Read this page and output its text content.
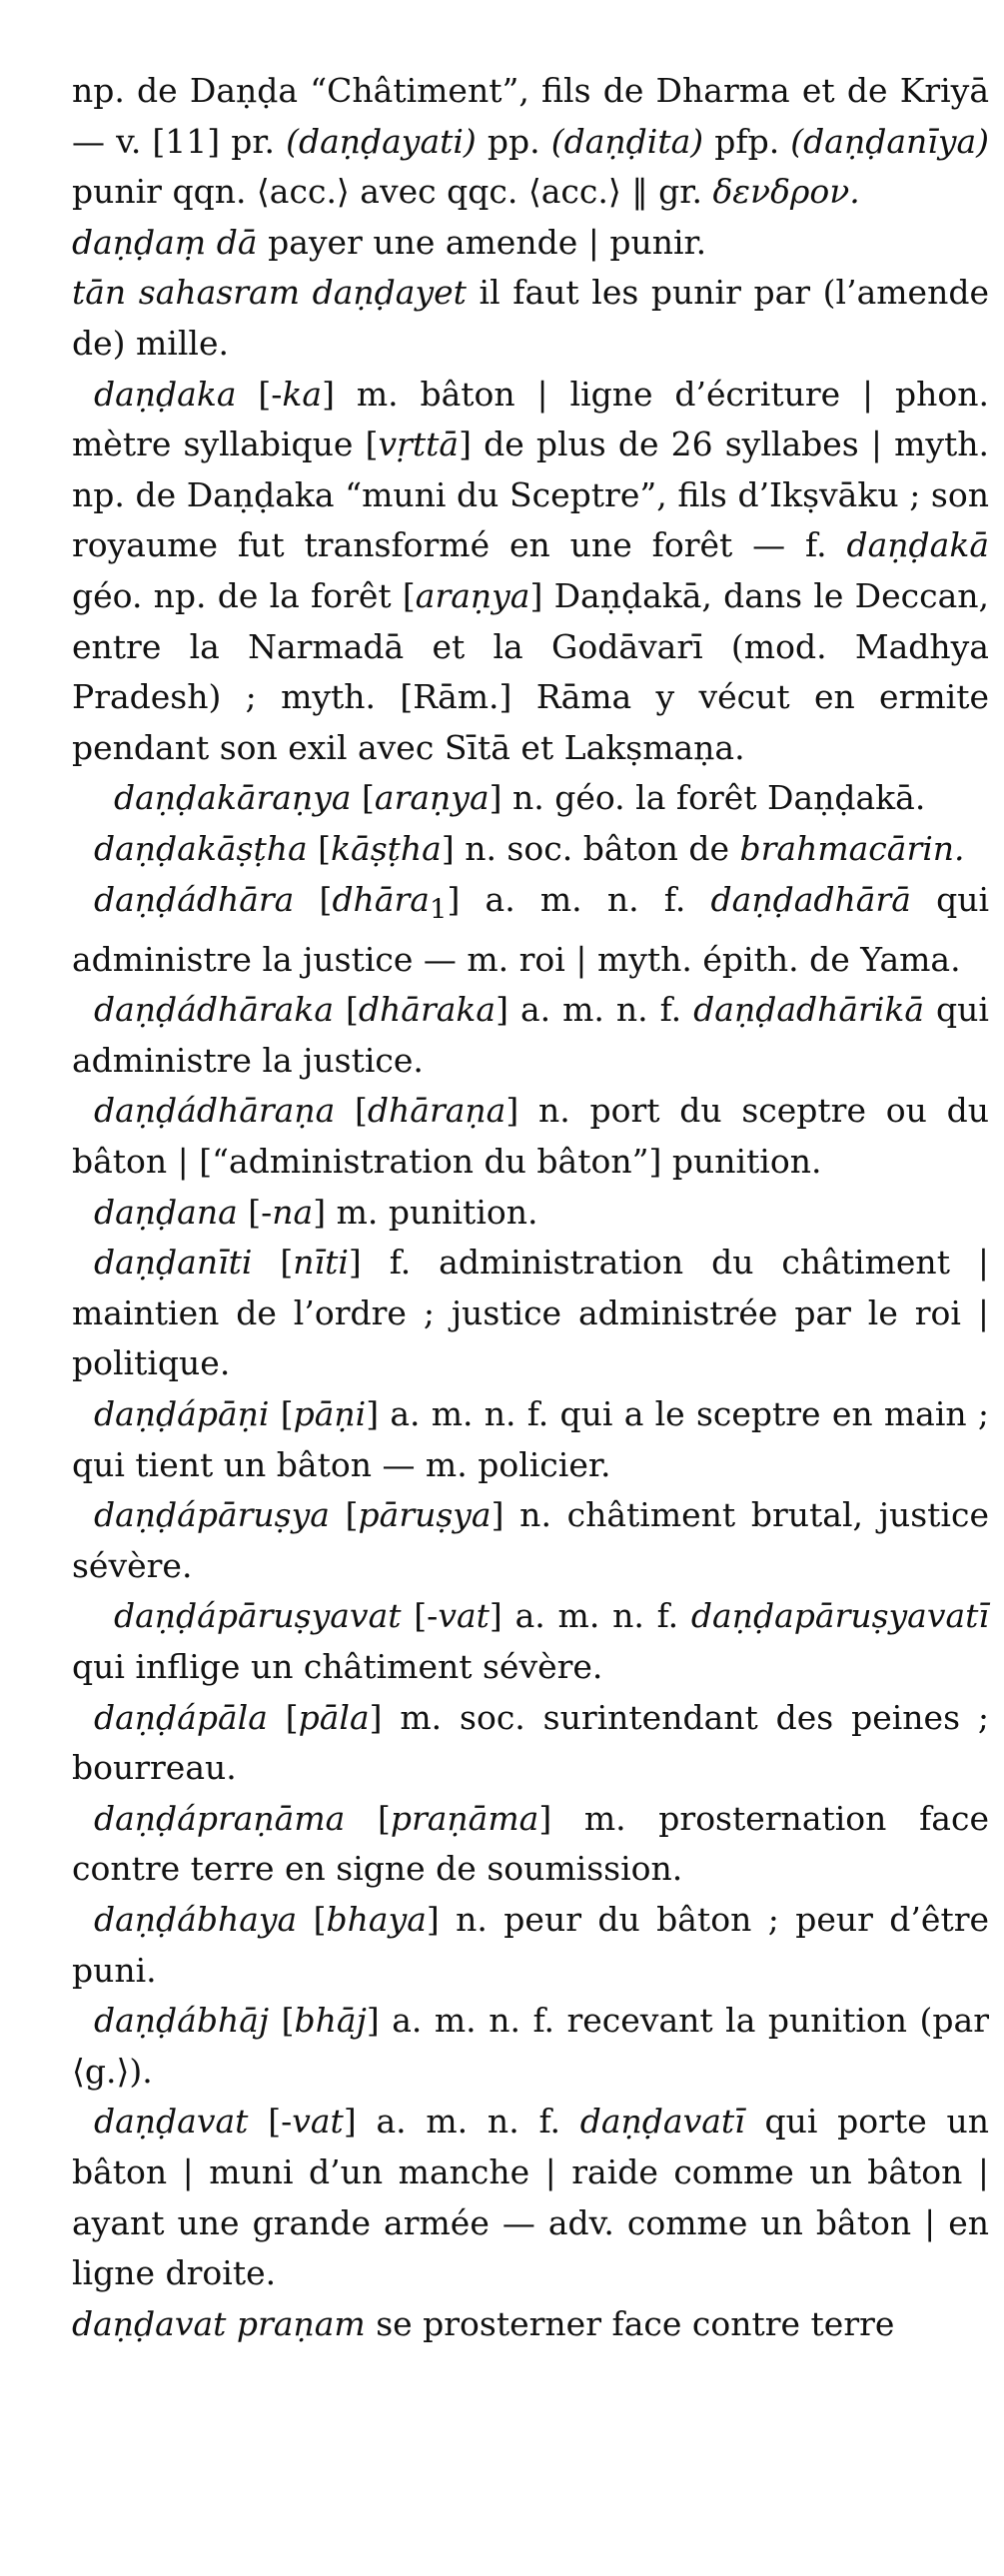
np. de Daṇḍa “Châtiment”, fils de Dharma et de Kriyā — v. [11] pr. (daṇḍayati) pp. (daṇḍita) pfp. (daṇḍanīya) punir qqn. ⟨acc.⟩ avec qqc. ⟨acc.⟩ ‖ gr. δενδρον.

daṇḍaṃ dā payer une amende | punir.

tān sahasram daṇḍayet il faut les punir par (l’amende de) mille.

daṇḍaka [-ka] m. bâton | ligne d’écriture | phon. mètre syllabique [vṛttā] de plus de 26 syllabes | myth. np. de Daṇḍaka “muni du Sceptre”, fils d’Ikṣvāku ; son royaume fut transformé en une forêt — f. daṇḍakā géo. np. de la forêt [araṇya] Daṇḍakā, dans le Deccan, entre la Narmadā et la Godāvarī (mod. Madhya Pradesh) ; myth. [Rām.] Rāma y vécut en ermite pendant son exil avec Sītā et Lakṣmaṇa.

daṇḍakāraṇya [araṇya] n. géo. la forêt Daṇḍakā.

daṇḍakāṣṭha [kāṣṭha] n. soc. bâton de brahmacārin.

daṇḍádhāra [dhāra$_1$] a. m. n. f. daṇḍadhārā qui administre la justice — m. roi | myth. épith. de Yama.

daṇḍádhāraka [dhāraka] a. m. n. f. daṇḍadhārikā qui administre la justice.

daṇḍádhāraṇa [dhāraṇa] n. port du sceptre ou du bâton | [“administration du bâton”] punition.

daṇḍana [-na] m. punition.

daṇḍanīti [nīti] f. administration du châtiment | maintien de l’ordre ; justice administrée par le roi | politique.

daṇḍápāṇi [pāṇi] a. m. n. f. qui a le sceptre en main ; qui tient un bâton — m. policier.

daṇḍápāruṣya [pāruṣya] n. châtiment brutal, justice sévère.

daṇḍápāruṣyavat [-vat] a. m. n. f. daṇḍapāruṣyavatī qui inflige un châtiment sévère.

daṇḍápāla [pāla] m. soc. surintendant des peines ; bourreau.

daṇḍápraṇāma [praṇāma] m. prosternation face contre terre en signe de soumission.

daṇḍábhaya [bhaya] n. peur du bâton ; peur d’être puni.

daṇḍábhāj [bhāj] a. m. n. f. recevant la punition (par ⟨g.⟩).

daṇḍavat [-vat] a. m. n. f. daṇḍavatī qui porte un bâton | muni d’un manche | raide comme un bâton | ayant une grande armée — adv. comme un bâton | en ligne droite.

daṇḍavat praṇam se prosterner face contre terre
